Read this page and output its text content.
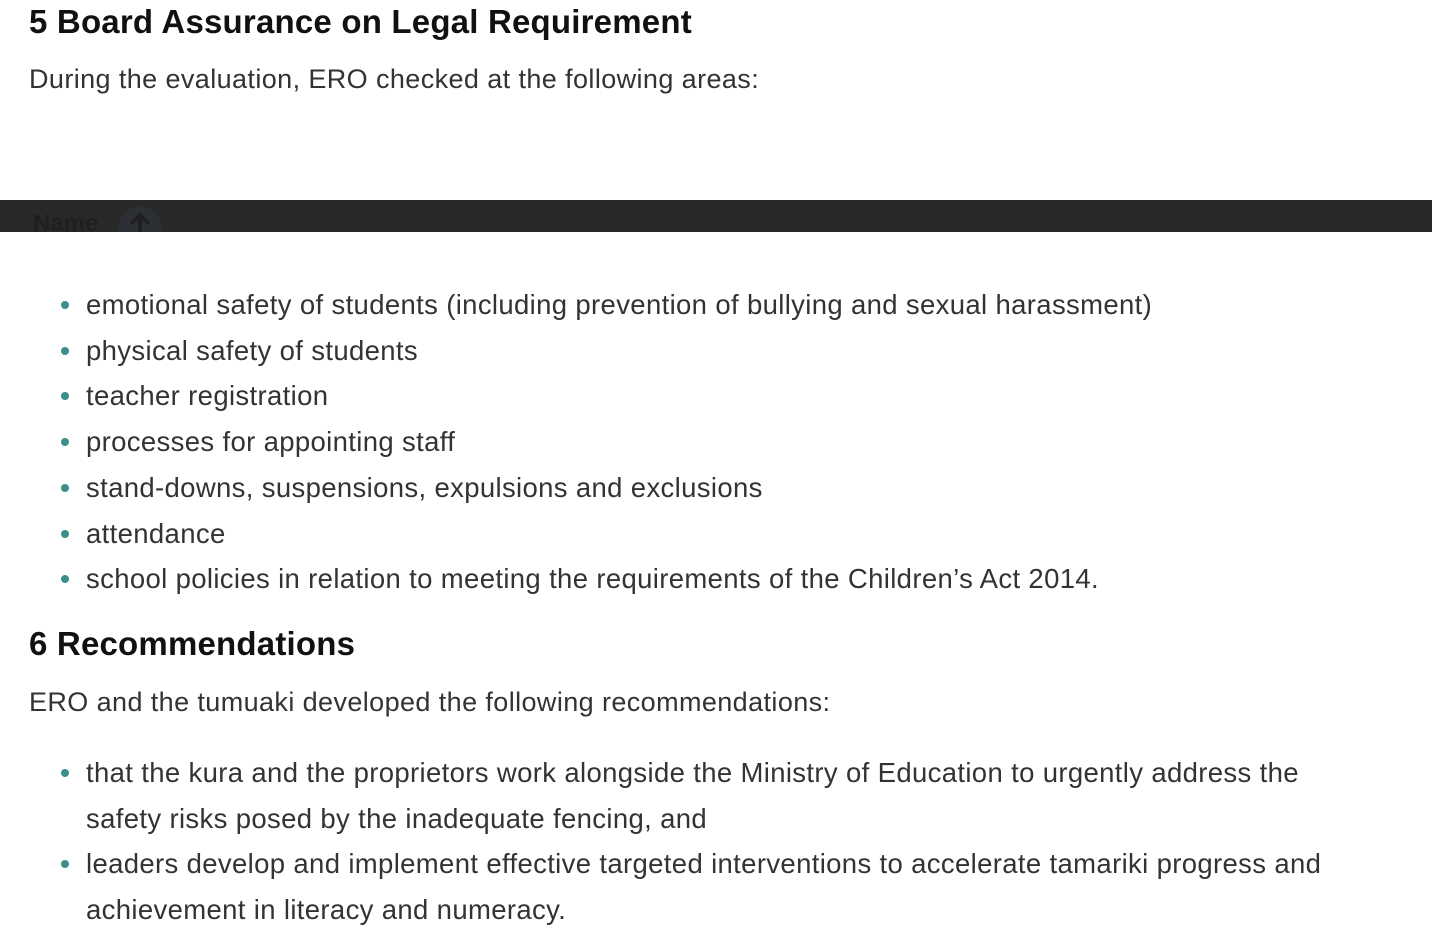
5 Board Assurance on Legal Requirement

During the evaluation, ERO checked at the following areas:

Name
emotional safety of students (including prevention of bullying and sexual harassment)
physical safety of students
teacher registration
processes for appointing staff
stand-downs, suspensions, expulsions and exclusions
attendance
school policies in relation to meeting the requirements of the Children’s Act 2014.
6 Recommendations

ERO and the tumuaki developed the following recommendations:

that the kura and the proprietors work alongside the Ministry of Education to urgently address the safety risks posed by the inadequate fencing, and
leaders develop and implement effective targeted interventions to accelerate tamariki progress and achievement in literacy and numeracy.
